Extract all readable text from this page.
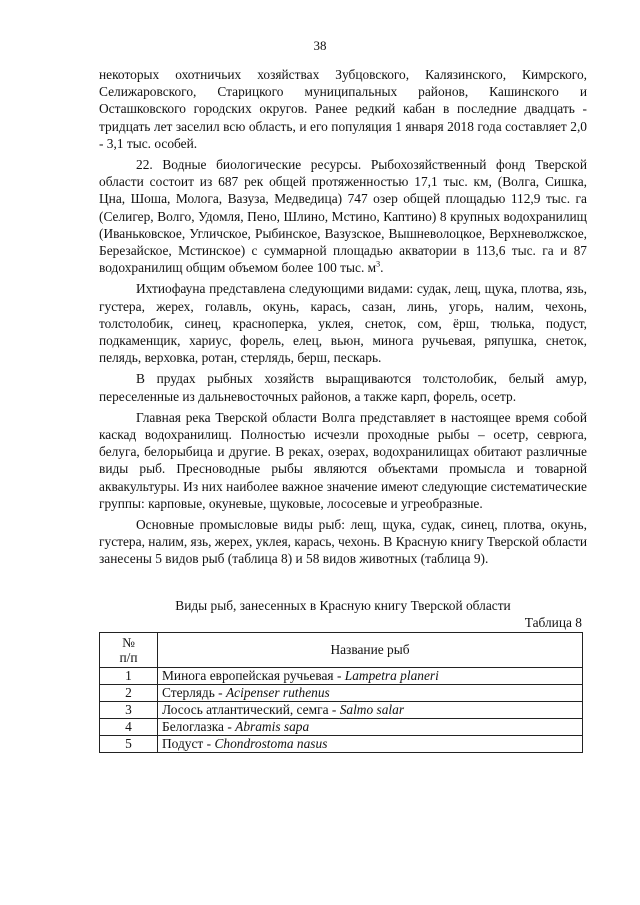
38

некоторых охотничьих хозяйствах Зубцовского, Калязинского, Кимрского, Селижаровского, Старицкого муниципальных районов, Кашинского и Осташковского городских округов. Ранее редкий кабан в последние двадцать - тридцать лет заселил всю область, и его популяция 1 января 2018 года составляет 2,0 - 3,1 тыс. особей.

22. Водные биологические ресурсы. Рыбохозяйственный фонд Тверской области состоит из 687 рек общей протяженностью 17,1 тыс. км, (Волга, Сишка, Цна, Шоша, Молога, Вазуза, Медведица) 747 озер общей площадью 112,9 тыс. га (Селигер, Волго, Удомля, Пено, Шлино, Мстино, Каптино) 8 крупных водохранилищ (Иваньковское, Угличское, Рыбинское, Вазузское, Вышневолоцкое, Верхневолжское, Березайское, Мстинское) с суммарной площадью акватории в 113,6 тыс. га и 87 водохранилищ общим объемом более 100 тыс. $м^3$.

Ихтиофауна представлена следующими видами: судак, лещ, щука, плотва, язь, густера, жерех, голавль, окунь, карась, сазан, линь, угорь, налим, чехонь, толстолобик, синец, красноперка, уклея, снеток, сом, ёрш, тюлька, подуст, подкаменщик, хариус, форель, елец, вьюн, минога ручьевая, ряпушка, снеток, пелядь, верховка, ротан, стерлядь, берш, пескарь.

В прудах рыбных хозяйств выращиваются толстолобик, белый амур, переселенные из дальневосточных районов, а также карп, форель, осетр.

Главная река Тверской области Волга представляет в настоящее время собой каскад водохранилищ. Полностью исчезли проходные рыбы – осетр, севрюга, белуга, белорыбица и другие. В реках, озерах, водохранилищах обитают различные виды рыб. Пресноводные рыбы являются объектами промысла и товарной аквакультуры. Из них наиболее важное значение имеют следующие систематические группы: карповые, окуневые, щуковые, лососевые и угреобразные.

Основные промысловые виды рыб: лещ, щука, судак, синец, плотва, окунь, густера, налим, язь, жерех, уклея, карась, чехонь. В Красную книгу Тверской области занесены 5 видов рыб (таблица 8) и 58 видов животных (таблица 9).

Виды рыб, занесенных в Красную книгу Тверской области
Таблица 8
№
п/п	Название рыб
1	Минога европейская ручьевая - Lampetra planeri
2	Стерлядь - Acipenser ruthenus
3	Лосось атлантический, семга - Salmo salar
4	Белоглазка - Abramis sapa
5	Подуст - Chondrostoma nasus
